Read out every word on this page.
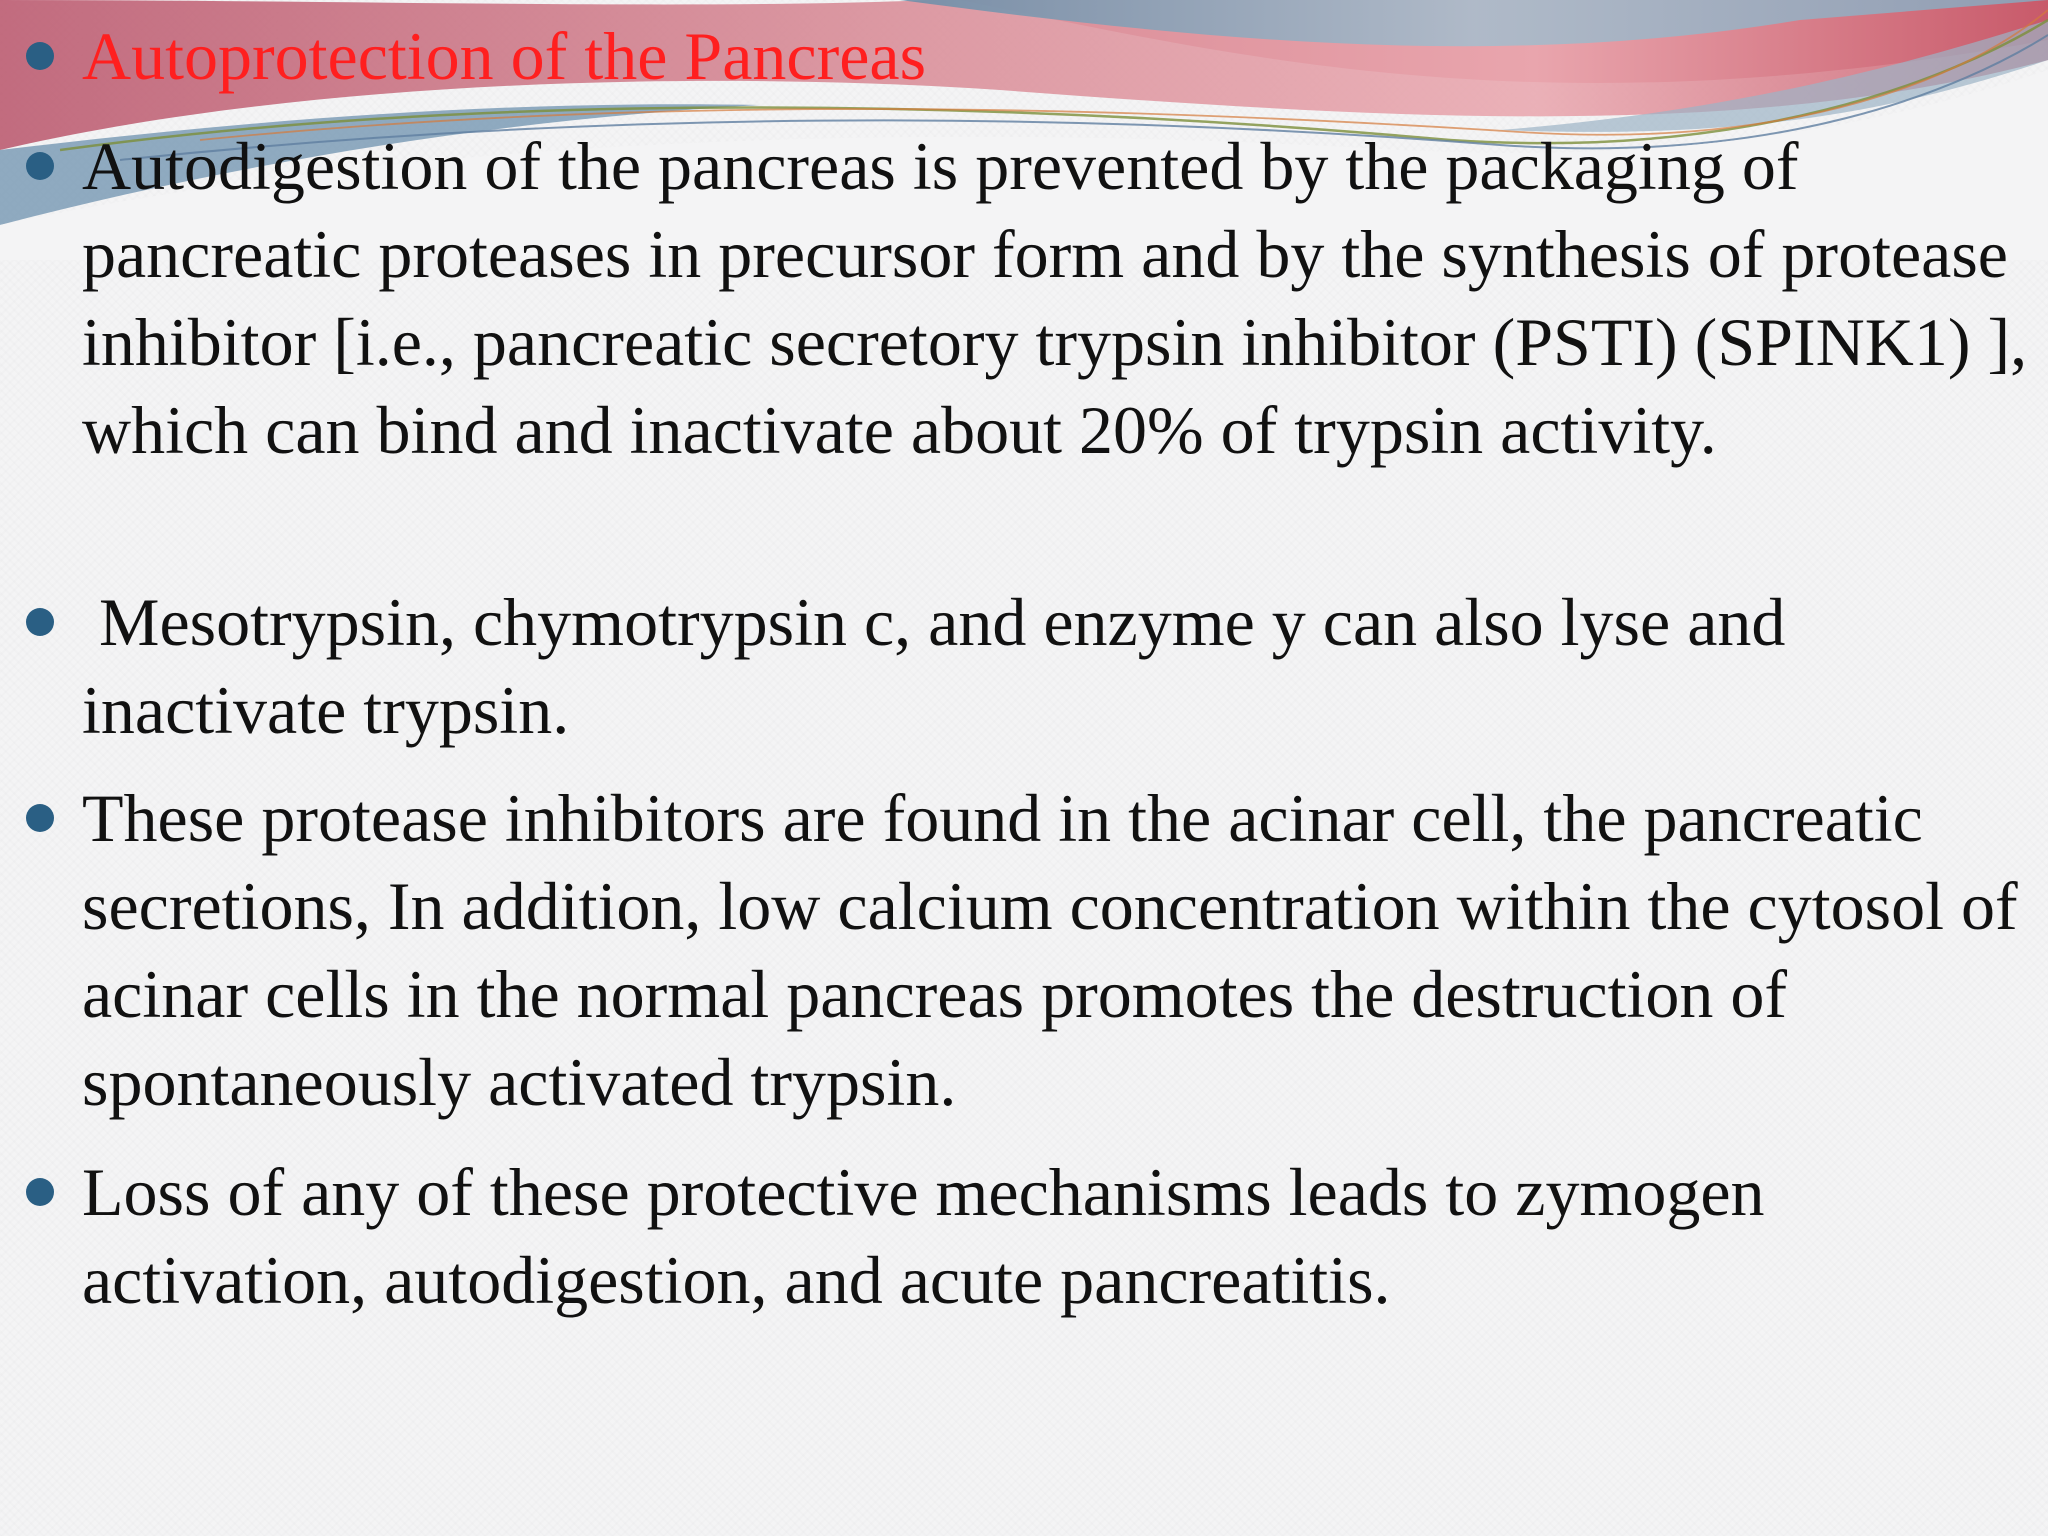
Autoprotection of the Pancreas
Autodigestion of the pancreas is prevented by the packaging of pancreatic proteases in precursor form and by the synthesis of protease inhibitor [i.e., pancreatic secretory trypsin inhibitor (PSTI) (SPINK1) ], which can bind and inactivate about 20% of trypsin activity.
Mesotrypsin, chymotrypsin c, and enzyme y can also lyse and inactivate trypsin.
These protease inhibitors are found in the acinar cell, the pancreatic secretions, In addition, low calcium concentration within the cytosol of acinar cells in the normal pancreas promotes the destruction of spontaneously activated trypsin.
Loss of any of these protective mechanisms leads to zymogen activation, autodigestion, and acute pancreatitis.
